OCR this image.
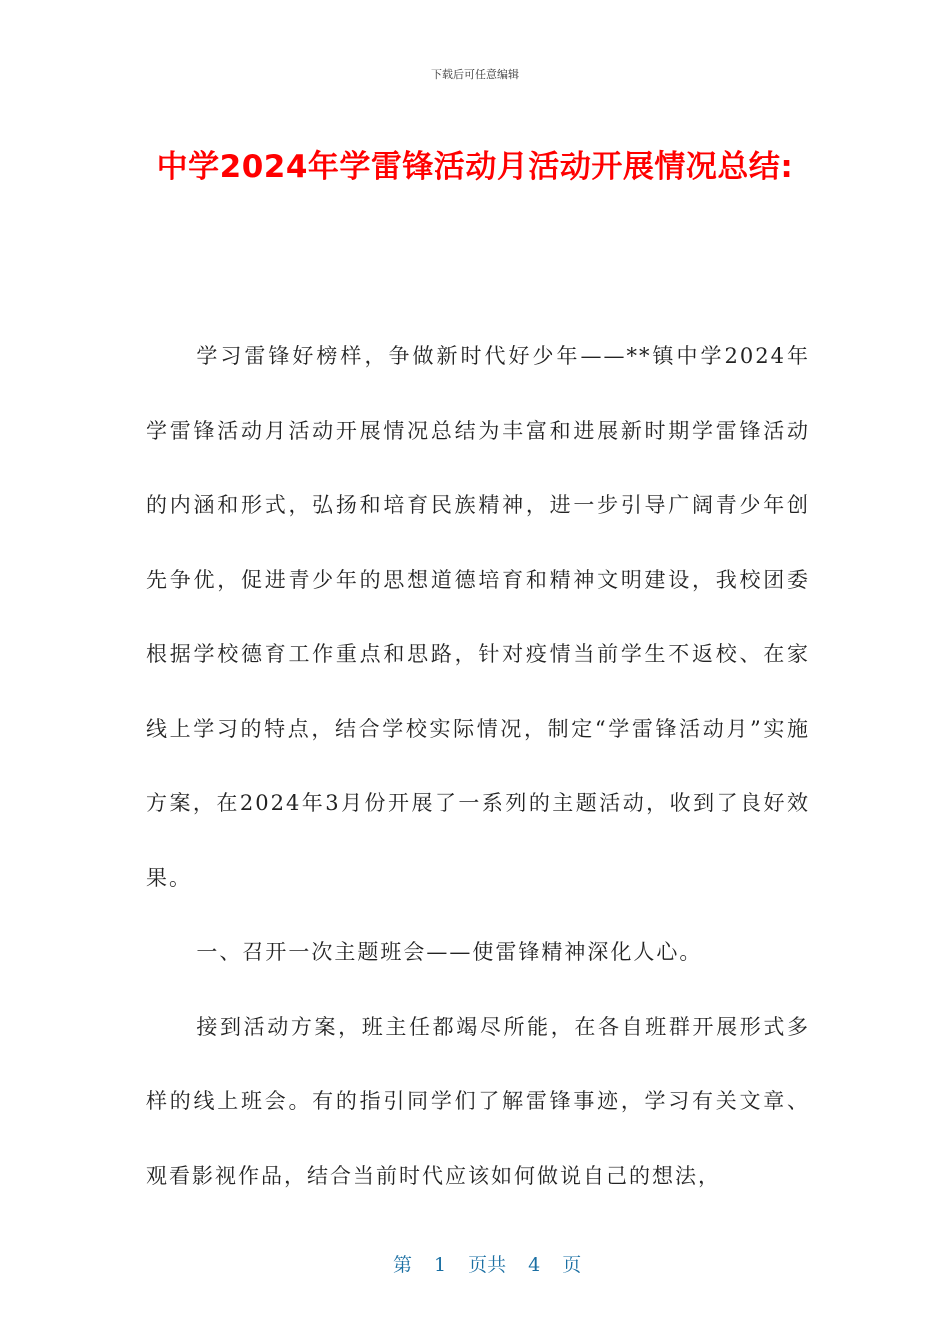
下载后可任意编辑
中学2024年学雷锋活动月活动开展情况总结:

学习雷锋好榜样，争做新时代好少年——**镇中学2024年学雷锋活动月活动开展情况总结为丰富和进展新时期学雷锋活动的内涵和形式，弘扬和培育民族精神，进一步引导广阔青少年创先争优，促进青少年的思想道德培育和精神文明建设，我校团委根据学校德育工作重点和思路，针对疫情当前学生不返校、在家线上学习的特点，结合学校实际情况，制定“学雷锋活动月”实施方案，在2024年3月份开展了一系列的主题活动，收到了良好效果。

一、召开一次主题班会——使雷锋精神深化人心。

接到活动方案，班主任都竭尽所能，在各自班群开展形式多样的线上班会。有的指引同学们了解雷锋事迹，学习有关文章、观看影视作品，结合当前时代应该如何做说自己的想法，

第 1 页共 4 页
